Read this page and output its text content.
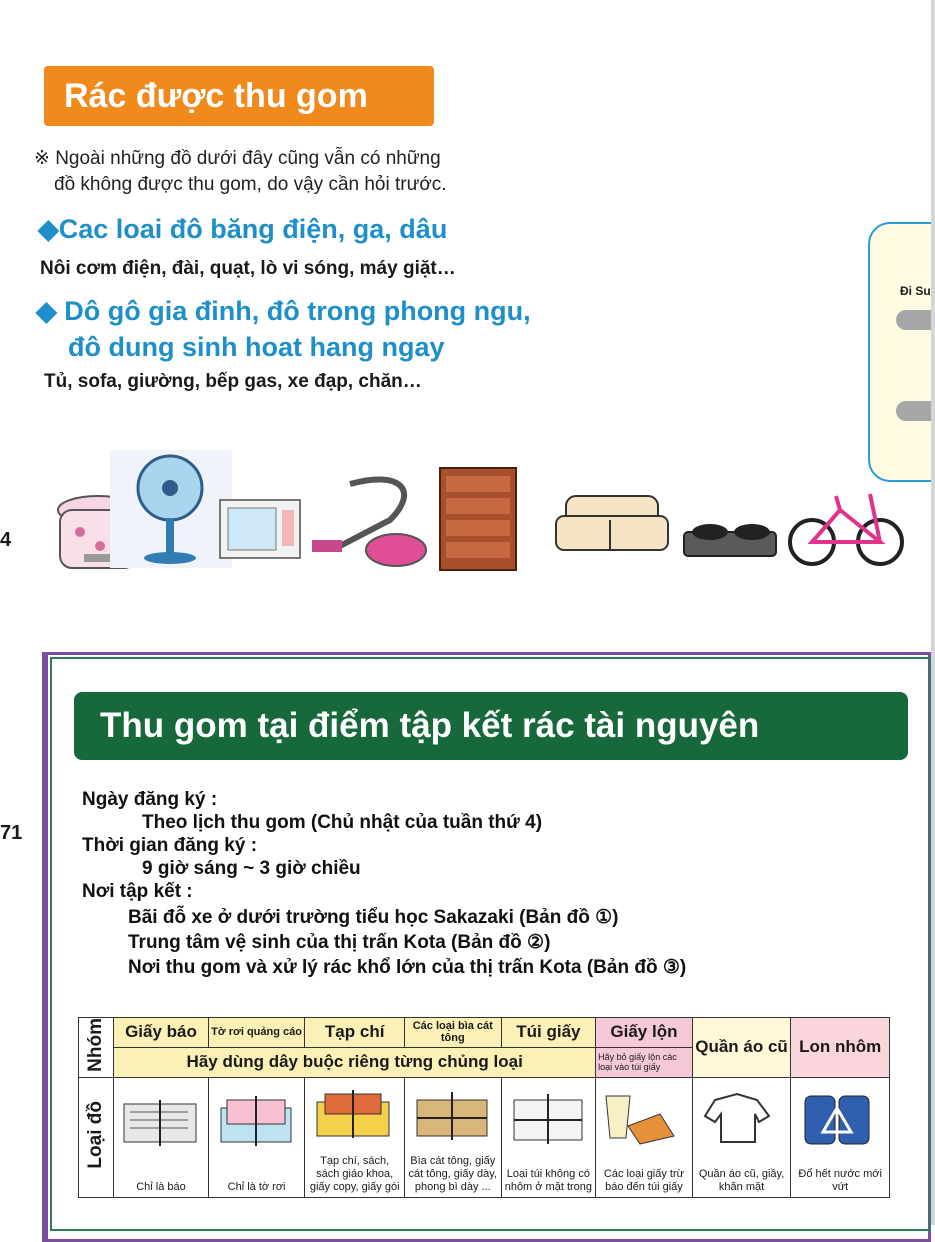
Rác được thu gom
※ Ngoài những đồ dưới đây cũng vẫn có những
đồ không được thu gom, do vậy cần hỏi trước.
◆Cac loai đô băng điện, ga, dâu
Nôi cơm điện, đài, quạt, lò vi sóng, máy giặt…
◆ Dô gô gia đinh, đô trong phong ngu,
đô dung sinh hoat hang ngay
Tủ, sofa, giường, bếp gas, xe đạp, chăn…
4
Đi Su
71
Thu gom tại điểm tập kết rác tài nguyên
Ngày đăng ký :
Theo lịch thu gom (Chủ nhật của tuần thứ 4)
Thời gian đăng ký :
9 giờ sáng ~ 3 giờ chiều
Nơi tập kết :
Bãi đỗ xe ở dưới trường tiểu học Sakazaki (Bản đồ ①)
Trung tâm vệ sinh của thị trấn Kota (Bản đồ ②)
Nơi thu gom và xử lý rác khổ lớn của thị trấn Kota (Bản đồ ③)
Nhóm	Giấy báo	Tờ rơi quảng cáo	Tạp chí	Các loại bìa cát tông	Túi giấy	Giấy lộn	Quần áo cũ	Lon nhôm
	Hãy dùng dây buộc riêng từng chủng loại					Hãy bỏ giấy lộn các loại vào túi giấy		
Loại đồ	Chỉ là báo	Chỉ là tờ rơi	Tạp chí, sách, sách giáo khoa, giấy copy, giấy gói	Bìa cát tông, giấy cát tông, giấy dày, phong bì dày ...	Loại túi không có nhôm ở mặt trong	Các loại giấy trừ báo đến túi giấy	Quần áo cũ, giầy, khăn mặt	Đổ hết nước mới vứt
